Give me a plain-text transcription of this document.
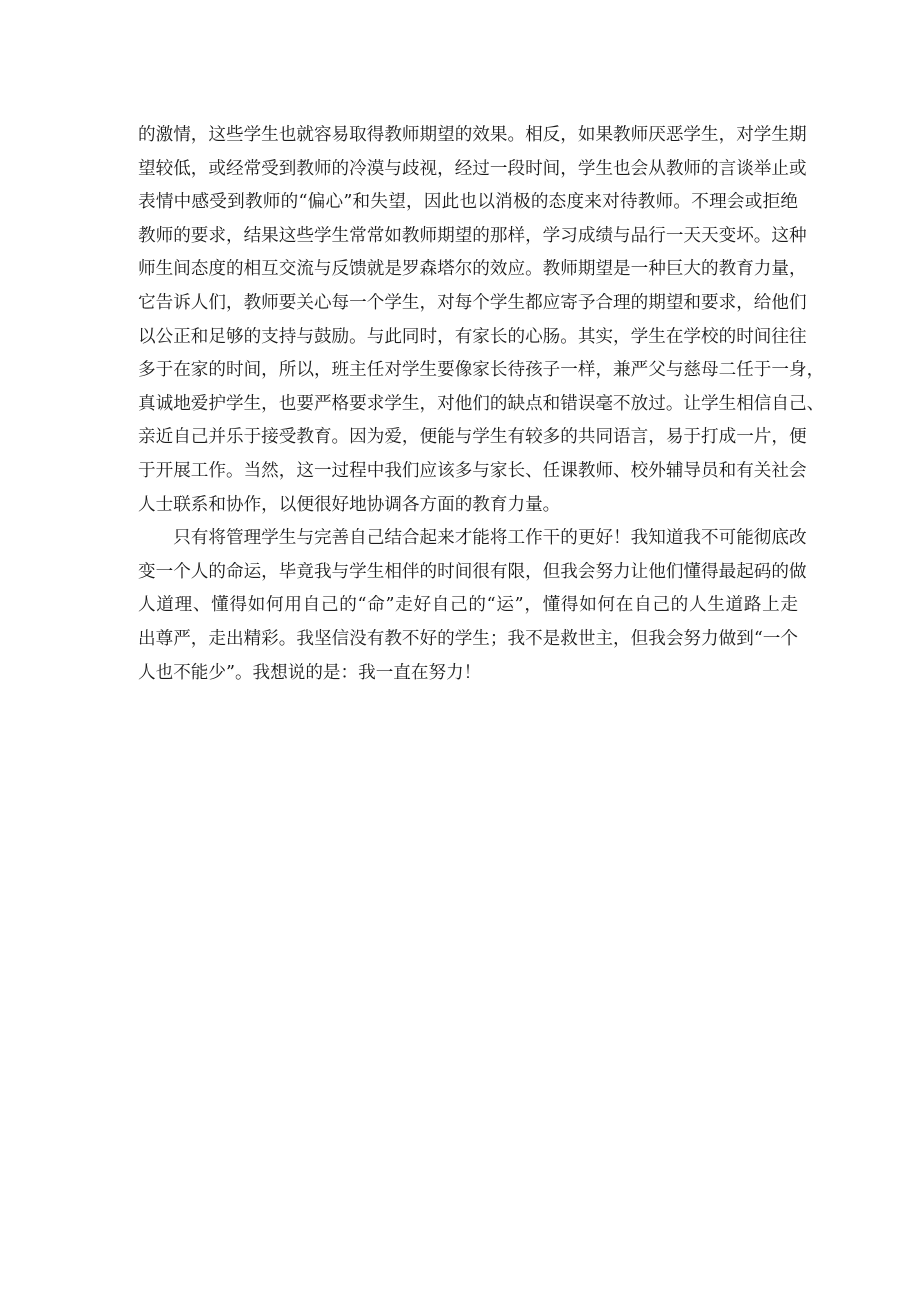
的激情，这些学生也就容易取得教师期望的效果。相反，如果教师厌恶学生，对学生期
望较低，或经常受到教师的冷漠与歧视，经过一段时间，学生也会从教师的言谈举止或
表情中感受到教师的“偏心”和失望，因此也以消极的态度来对待教师。不理会或拒绝
教师的要求，结果这些学生常常如教师期望的那样，学习成绩与品行一天天变坏。这种
师生间态度的相互交流与反馈就是罗森塔尔的效应。教师期望是一种巨大的教育力量，
它告诉人们，教师要关心每一个学生，对每个学生都应寄予合理的期望和要求，给他们
以公正和足够的支持与鼓励。与此同时，有家长的心肠。其实，学生在学校的时间往往
多于在家的时间，所以，班主任对学生要像家长待孩子一样，兼严父与慈母二任于一身，
真诚地爱护学生，也要严格要求学生，对他们的缺点和错误毫不放过。让学生相信自己、
亲近自己并乐于接受教育。因为爱，便能与学生有较多的共同语言，易于打成一片，便
于开展工作。当然，这一过程中我们应该多与家长、任课教师、校外辅导员和有关社会
人士联系和协作，以便很好地协调各方面的教育力量。
只有将管理学生与完善自己结合起来才能将工作干的更好！我知道我不可能彻底改
变一个人的命运，毕竟我与学生相伴的时间很有限，但我会努力让他们懂得最起码的做
人道理、懂得如何用自己的“命”走好自己的“运”，懂得如何在自己的人生道路上走
出尊严，走出精彩。我坚信没有教不好的学生；我不是救世主，但我会努力做到“一个
人也不能少”。我想说的是：我一直在努力！
